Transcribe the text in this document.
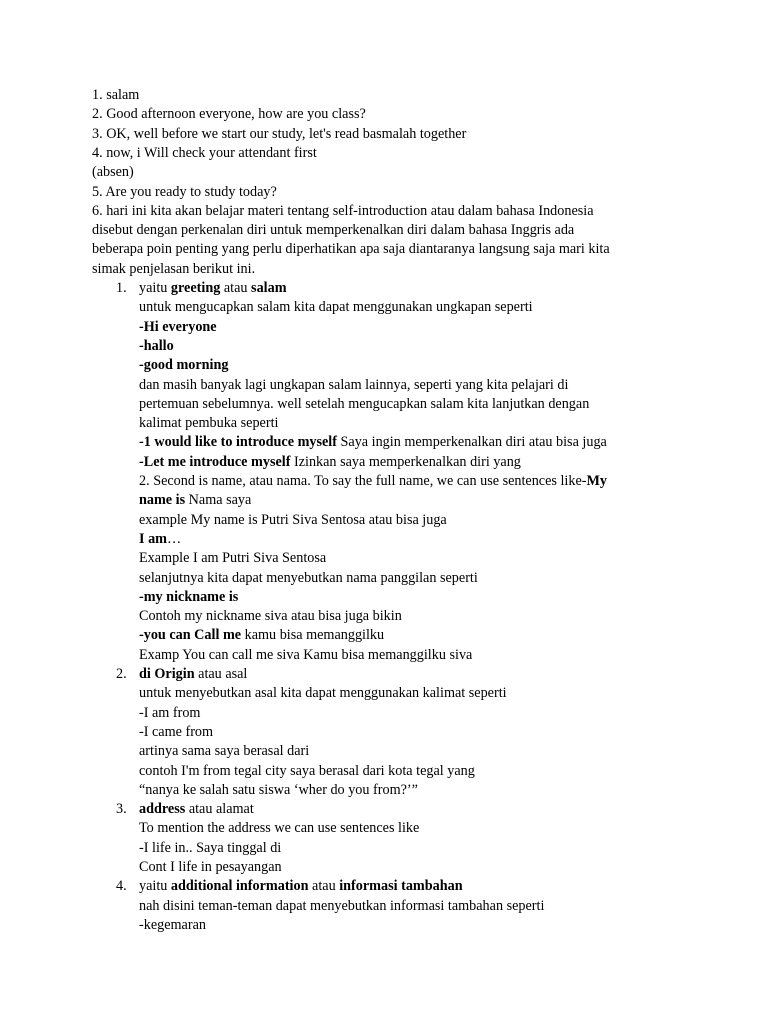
1. salam
2. Good afternoon everyone, how are you class?
3. OK, well before we start our study, let's read basmalah together
4. now, i Will check your attendant first
(absen)
5. Are you ready to study today?
6. hari ini kita akan belajar materi tentang self-introduction atau dalam bahasa Indonesia
disebut dengan perkenalan diri untuk memperkenalkan diri dalam bahasa Inggris ada
beberapa poin penting yang perlu diperhatikan apa saja diantaranya langsung saja mari kita
simak penjelasan berikut ini.
1. yaitu greeting atau salam
untuk mengucapkan salam kita dapat menggunakan ungkapan seperti
-Hi everyone
-hallo
-good morning
dan masih banyak lagi ungkapan salam lainnya, seperti yang kita pelajari di
pertemuan sebelumnya. well setelah mengucapkan salam kita lanjutkan dengan
kalimat pembuka seperti
-1 would like to introduce myself Saya ingin memperkenalkan diri atau bisa juga
-Let me introduce myself Izinkan saya memperkenalkan diri yang
2. Second is name, atau nama. To say the full name, we can use sentences like-My
name is Nama saya
example My name is Putri Siva Sentosa atau bisa juga
I am…
Example I am Putri Siva Sentosa
selanjutnya kita dapat menyebutkan nama panggilan seperti
-my nickname is
Contoh my nickname siva atau bisa juga bikin
-you can Call me kamu bisa memanggilku
Examp You can call me siva Kamu bisa memanggilku siva
2. di Origin atau asal
untuk menyebutkan asal kita dapat menggunakan kalimat seperti
-I am from
-I came from
artinya sama saya berasal dari
contoh I'm from tegal city saya berasal dari kota tegal yang
“nanya ke salah satu siswa ‘wher do you from?’”
3. address atau alamat
To mention the address we can use sentences like
-I life in.. Saya tinggal di
Cont I life in pesayangan
4. yaitu additional information atau informasi tambahan
nah disini teman-teman dapat menyebutkan informasi tambahan seperti
-kegemaran
